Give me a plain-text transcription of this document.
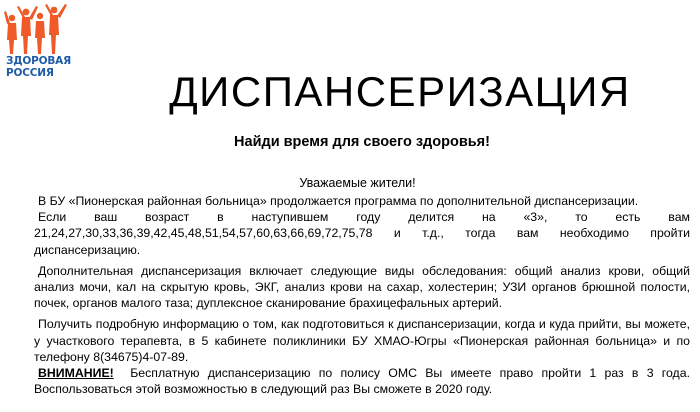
ЗДОРОВАЯ
РОССИЯ	ДИСПАНСЕРИЗАЦИЯ
Найди время для своего здоровья!
Уважаемые жители!

В БУ «Пионерская районная больница» продолжается программа по дополнительной диспансеризации.

Если ваш возраст в наступившем году делится на «3», то есть вам 21,24,27,30,33,36,39,42,45,48,51,54,57,60,63,66,69,72,75,78 и т.д., тогда вам необходимо пройти диспансеризацию.

Дополнительная диспансеризация включает следующие виды обследования: общий анализ крови, общий анализ мочи, кал на скрытую кровь, ЭКГ, анализ крови на сахар, холестерин; УЗИ органов брюшной полости, почек, органов малого таза; дуплексное сканирование брахицефальных артерий.

Получить подробную информацию о том, как подготовиться к диспансеризации, когда и куда прийти, вы можете, у участкового терапевта, в 5 кабинете поликлиники БУ ХМАО-Югры «Пионерская районная больница» и по телефону 8(34675)4-07-89.

ВНИМАНИЕ! Бесплатную диспансеризацию по полису ОМС Вы имеете право пройти 1 раз в 3 года. Воспользоваться этой возможностью в следующий раз Вы сможете в 2020 году.
